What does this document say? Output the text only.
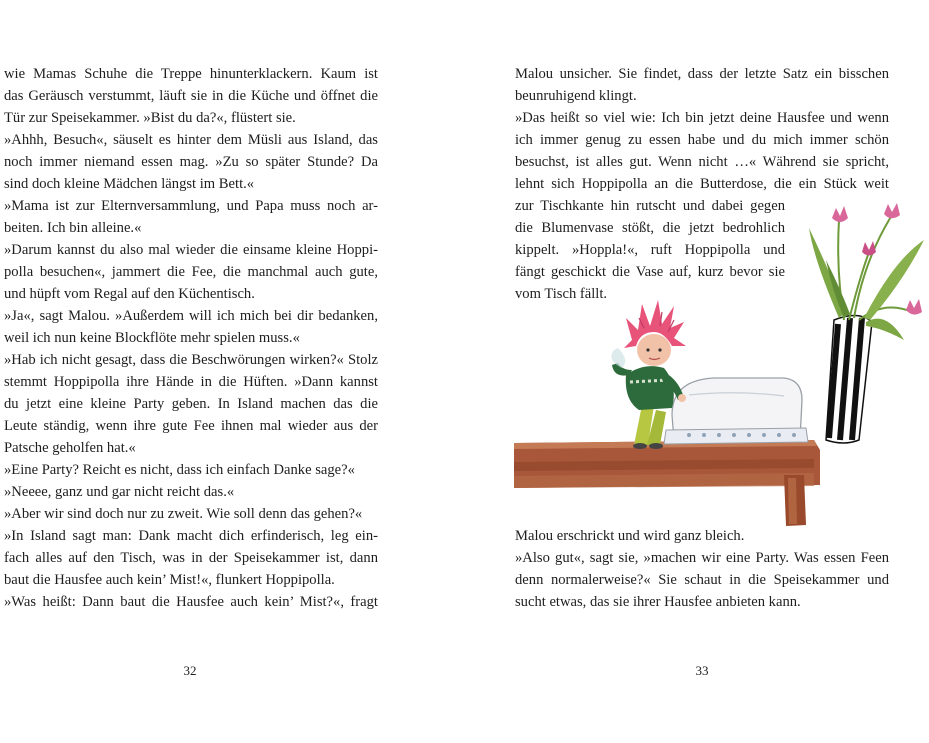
wie Mamas Schuhe die Treppe hinunterklackern. Kaum ist
das Geräusch verstummt, läuft sie in die Küche und öffnet die
Tür zur Speisekammer. »Bist du da?«, flüstert sie.
»Ahhh, Besuch«, säuselt es hinter dem Müsli aus Island, das
noch immer niemand essen mag. »Zu so später Stunde? Da
sind doch kleine Mädchen längst im Bett.«
»Mama ist zur Elternversammlung, und Papa muss noch ar-
beiten. Ich bin alleine.«
»Darum kannst du also mal wieder die einsame kleine Hoppi-
polla besuchen«, jammert die Fee, die manchmal auch gute,
und hüpft vom Regal auf den Küchentisch.
»Ja«, sagt Malou. »Außerdem will ich mich bei dir bedanken,
weil ich nun keine Blockflöte mehr spielen muss.«
»Hab ich nicht gesagt, dass die Beschwörungen wirken?« Stolz
stemmt Hoppipolla ihre Hände in die Hüften. »Dann kannst
du jetzt eine kleine Party geben. In Island machen das die
Leute ständig, wenn ihre gute Fee ihnen mal wieder aus der
Patsche geholfen hat.«
»Eine Party? Reicht es nicht, dass ich einfach Danke sage?«
»Neeee, ganz und gar nicht reicht das.«
»Aber wir sind doch nur zu zweit. Wie soll denn das gehen?«
»In Island sagt man: Dank macht dich erfinderisch, leg ein-
fach alles auf den Tisch, was in der Speisekammer ist, dann
baut die Hausfee auch kein’ Mist!«, flunkert Hoppipolla.
»Was heißt: Dann baut die Hausfee auch kein’ Mist?«, fragt
32
Malou unsicher. Sie findet, dass der letzte Satz ein bisschen
beunruhigend klingt.
»Das heißt so viel wie: Ich bin jetzt deine Hausfee und wenn
ich immer genug zu essen habe und du mich immer schön
besuchst, ist alles gut. Wenn nicht …« Während sie spricht,
lehnt sich Hoppipolla an die Butterdose, die ein Stück weit
zur Tischkante hin rutscht und dabei gegen
die Blumenvase stößt, die jetzt bedrohlich
kippelt. »Hoppla!«, ruft Hoppipolla und
fängt geschickt die Vase auf, kurz bevor sie
vom Tisch fällt.
Malou erschrickt und wird ganz bleich.
»Also gut«, sagt sie, »machen wir eine Party. Was essen Feen
denn normalerweise?« Sie schaut in die Speisekammer und
sucht etwas, das sie ihrer Hausfee anbieten kann.
33
